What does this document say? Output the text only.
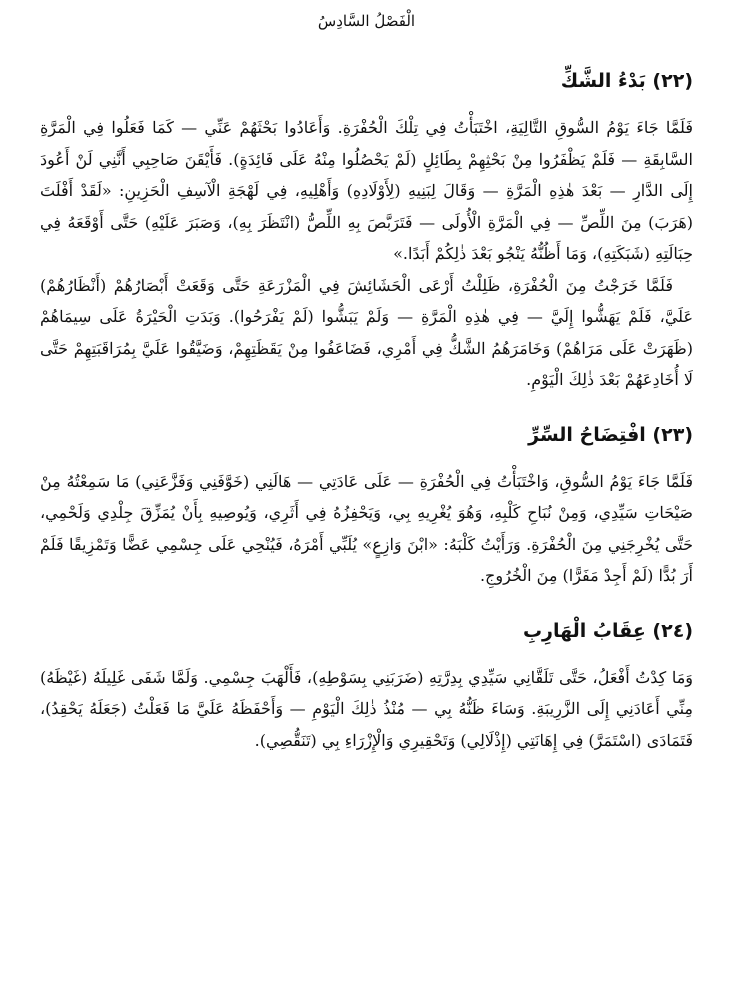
الْفَصْلُ السَّادِسُ
(٢٢) بَدْءُ الشَّكِّ

فَلَمَّا جَاءَ يَوْمُ السُّوقِ التَّالِيَةِ، اخْتَبَأْتُ فِي تِلْكَ الْحُفْرَةِ. وَأَعَادُوا بَحْثَهُمْ عَنِّي — كَمَا فَعَلُوا فِي الْمَرَّةِ السَّابِقَةِ — فَلَمْ يَظْفَرُوا مِنْ بَحْثِهِمْ بِطَائِلٍ (لَمْ يَحْصُلُوا مِنْهُ عَلَى فَائِدَةٍ). فَأَيْقَنَ صَاحِبِي أَنَّنِي لَنْ أَعُودَ إِلَى الدَّارِ — بَعْدَ هٰذِهِ الْمَرَّةِ — وَقَالَ لِبَنِيهِ (لِأَوْلَادِهِ) وَأَهْلِيهِ، فِي لَهْجَةِ الْآسِفِ الْحَزِينِ: «لَقَدْ أَفْلَتَ (هَرَبَ) مِنَ اللِّصِّ — فِي الْمَرَّةِ الْأُولَى — فَتَرَبَّصَ بِهِ اللِّصُّ (انْتَظَرَ بِهِ)، وَصَبَرَ عَلَيْهِ) حَتَّى أَوْقَعَهُ فِي حِبَالَتِهِ (شَبَكَتِهِ)، وَمَا أَظُنُّهُ يَنْجُو بَعْدَ ذٰلِكُمْ أَبَدًا.»

فَلَمَّا خَرَجْتُ مِنَ الْحُفْرَةِ، ظَلِلْتُ أَرْعَى الْحَشَائِشَ فِي الْمَزْرَعَةِ حَتَّى وَقَعَتْ أَبْصَارُهُمْ (أَنْظَارُهُمْ) عَلَيَّ، فَلَمْ يَهَشُّوا إِلَيَّ — فِي هٰذِهِ الْمَرَّةِ — وَلَمْ يَبَشُّوا (لَمْ يَفْرَحُوا). وَبَدَتِ الْحَيْرَةُ عَلَى سِيمَاهُمْ (ظَهَرَتْ عَلَى مَرَاهُمْ) وَخَامَرَهُمُ الشَّكُّ فِي أَمْرِي، فَضَاعَفُوا مِنْ يَقَظَتِهِمْ، وَضَيَّقُوا عَلَيَّ بِمُرَاقَبَتِهِمْ حَتَّى لَا أُخَادِعَهُمْ بَعْدَ ذٰلِكَ الْيَوْمِ.

(٢٣) افْتِضَاحُ السِّرِّ

فَلَمَّا جَاءَ يَوْمُ السُّوقِ، وَاخْتَبَأْتُ فِي الْحُفْرَةِ — عَلَى عَادَتِي — هَالَنِي (خَوَّفَنِي وَفَزَّعَنِي) مَا سَمِعْتُهُ مِنْ صَيْحَاتِ سَيِّدِي، وَمِنْ نُبَاحِ كَلْبِهِ، وَهُوَ يُغْرِيهِ بِي، وَيَحْفِزُهُ فِي أَثَرِي، وَيُوصِيهِ بِأَنْ يُمَزِّقَ جِلْدِي وَلَحْمِي، حَتَّى يُخْرِجَنِي مِنَ الْحُفْرَةِ. وَرَأَيْتُ كَلْبَهُ: «ابْنَ وَازِعٍ» يُلَبِّي أَمْرَهُ، فَيُنْحِي عَلَى جِسْمِي عَضًّا وَتَمْزِيقًا فَلَمْ أَرَ بُدًّا (لَمْ أَجِدْ مَفَرًّا) مِنَ الْخُرُوجِ.

(٢٤) عِقَابُ الْهَارِبِ

وَمَا كِدْتُ أَفْعَلُ، حَتَّى تَلَقَّانِي سَيِّدِي بِدِرَّتِهِ (ضَرَبَنِي بِسَوْطِهِ)، فَأَلْهَبَ جِسْمِي. وَلَمَّا شَفَى غَلِيلَهُ (غَيْظَهُ) مِنِّي أَعَادَنِي إِلَى الزَّرِيبَةِ. وَسَاءَ ظَنُّهُ بِي — مُنْذُ ذٰلِكَ الْيَوْمِ — وَأَحْفَظَهُ عَلَيَّ مَا فَعَلْتُ (جَعَلَهُ يَحْقِدُ)، فَتَمَادَى (اسْتَمَرَّ) فِي إِهَانَتِي (إِذْلَالِي) وَتَحْقِيرِي وَالْإِزْرَاءِ بِي (تَنَقُّصِي).
